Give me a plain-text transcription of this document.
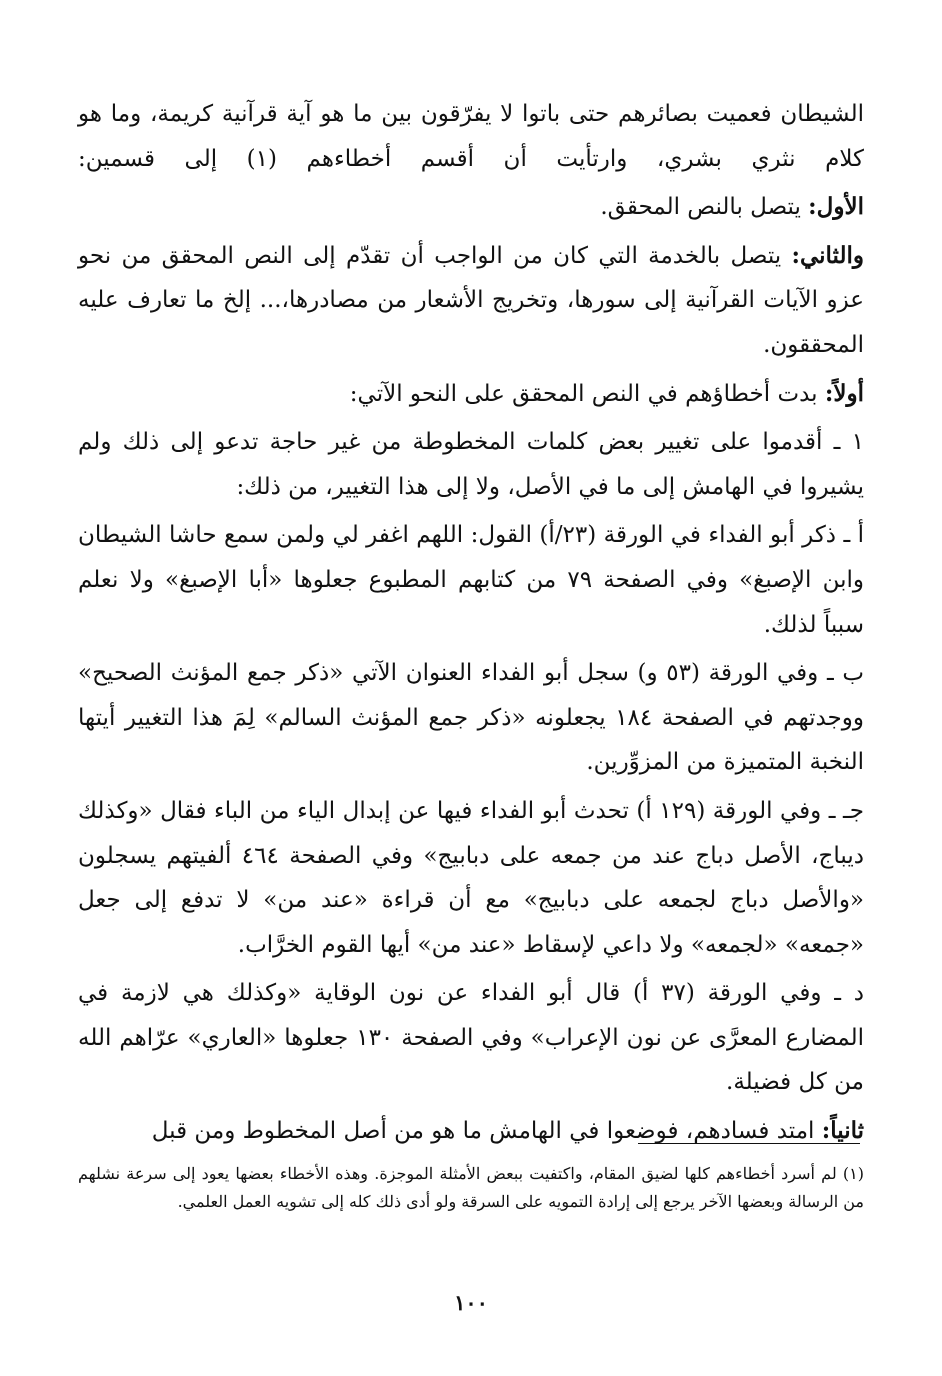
الشيطان فعميت بصائرهم حتى باتوا لا يفرّقون بين ما هو آية قرآنية كريمة، وما هو كلام نثري بشري، وارتأيت أن أقسم أخطاءهم (١) إلى قسمين:

الأول: يتصل بالنص المحقق.

والثاني: يتصل بالخدمة التي كان من الواجب أن تقدّم إلى النص المحقق من نحو عزو الآيات القرآنية إلى سورها، وتخريج الأشعار من مصادرها،... إلخ ما تعارف عليه المحققون.

أولاً: بدت أخطاؤهم في النص المحقق على النحو الآتي:

١ ـ أقدموا على تغيير بعض كلمات المخطوطة من غير حاجة تدعو إلى ذلك ولم يشيروا في الهامش إلى ما في الأصل، ولا إلى هذا التغيير، من ذلك:

أ ـ ذكر أبو الفداء في الورقة (٢٣/أ) القول: اللهم اغفر لي ولمن سمع حاشا الشيطان وابن الإصبغ» وفي الصفحة ٧٩ من كتابهم المطبوع جعلوها «أبا الإصبغ» ولا نعلم سبباً لذلك.

ب ـ وفي الورقة (٥٣ و) سجل أبو الفداء العنوان الآتي «ذكر جمع المؤنث الصحيح» ووجدتهم في الصفحة ١٨٤ يجعلونه «ذكر جمع المؤنث السالم» لِمَ هذا التغيير أيتها النخبة المتميزة من المزوِّرين.

جـ ـ وفي الورقة (١٢٩ أ) تحدث أبو الفداء فيها عن إبدال الياء من الباء فقال «وكذلك ديباج، الأصل دباج عند من جمعه على دبابيج» وفي الصفحة ٤٦٤ ألفيتهم يسجلون «والأصل دباج لجمعه على دبابيج» مع أن قراءة «عند من» لا تدفع إلى جعل «جمعه» «لجمعه» ولا داعي لإسقاط «عند من» أيها القوم الخرَّاب.

د ـ وفي الورقة (٣٧ أ) قال أبو الفداء عن نون الوقاية «وكذلك هي لازمة في المضارع المعرَّى عن نون الإعراب» وفي الصفحة ١٣٠ جعلوها «العاري» عرّاهم الله من كل فضيلة.

ثانياً: امتد فسادهم، فوضعوا في الهامش ما هو من أصل المخطوط ومن قبل

(١) لم أسرد أخطاءهم كلها لضيق المقام، واكتفيت ببعض الأمثلة الموجزة. وهذه الأخطاء بعضها يعود إلى سرعة نشلهم من الرسالة وبعضها الآخر يرجع إلى إرادة التمويه على السرقة ولو أدى ذلك كله إلى تشويه العمل العلمي.
١٠٠
